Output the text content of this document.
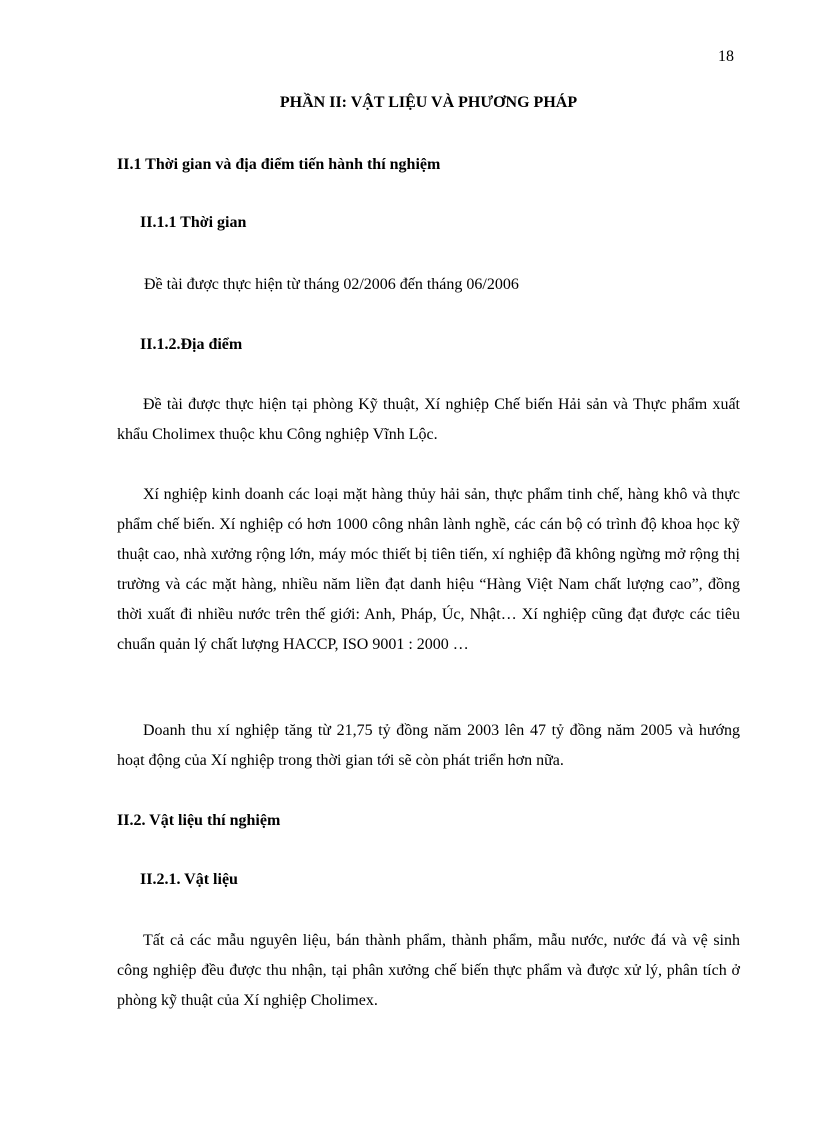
18
PHẦN II: VẬT LIỆU VÀ PHƯƠNG PHÁP
II.1 Thời gian và địa điểm tiến hành thí nghiệm
II.1.1 Thời gian

Đề tài được thực hiện từ tháng 02/2006 đến tháng 06/2006

II.1.2.Địa điểm

Đề tài được thực hiện tại phòng Kỹ thuật, Xí nghiệp Chế biến Hải sản và Thực phẩm xuất khẩu Cholimex thuộc khu Công nghiệp Vĩnh Lộc.

Xí nghiệp kinh doanh các loại mặt hàng thủy hải sản, thực phẩm tinh chế, hàng khô và thực phẩm chế biến. Xí nghiệp có hơn 1000 công nhân lành nghề, các cán bộ có trình độ khoa học kỹ thuật cao, nhà xưởng rộng lớn, máy móc thiết bị tiên tiến, xí nghiệp đã không ngừng mở rộng thị trường và các mặt hàng, nhiều năm liền đạt danh hiệu “Hàng Việt Nam chất lượng cao”, đồng thời xuất đi nhiều nước trên thế giới: Anh, Pháp, Úc, Nhật… Xí nghiệp cũng đạt được các tiêu chuẩn quản lý chất lượng HACCP, ISO 9001 : 2000 …

Doanh thu xí nghiệp tăng từ 21,75 tỷ đồng năm 2003 lên 47 tỷ đồng năm 2005 và hướng hoạt động của Xí nghiệp trong thời gian tới sẽ còn phát triển hơn nữa.

II.2. Vật liệu thí nghiệm
II.2.1. Vật liệu

Tất cả các mẫu nguyên liệu, bán thành phẩm, thành phẩm, mẫu nước, nước đá và vệ sinh công nghiệp đều được thu nhận, tại phân xưởng chế biến thực phẩm và được xử lý, phân tích ở phòng kỹ thuật của Xí nghiệp Cholimex.
